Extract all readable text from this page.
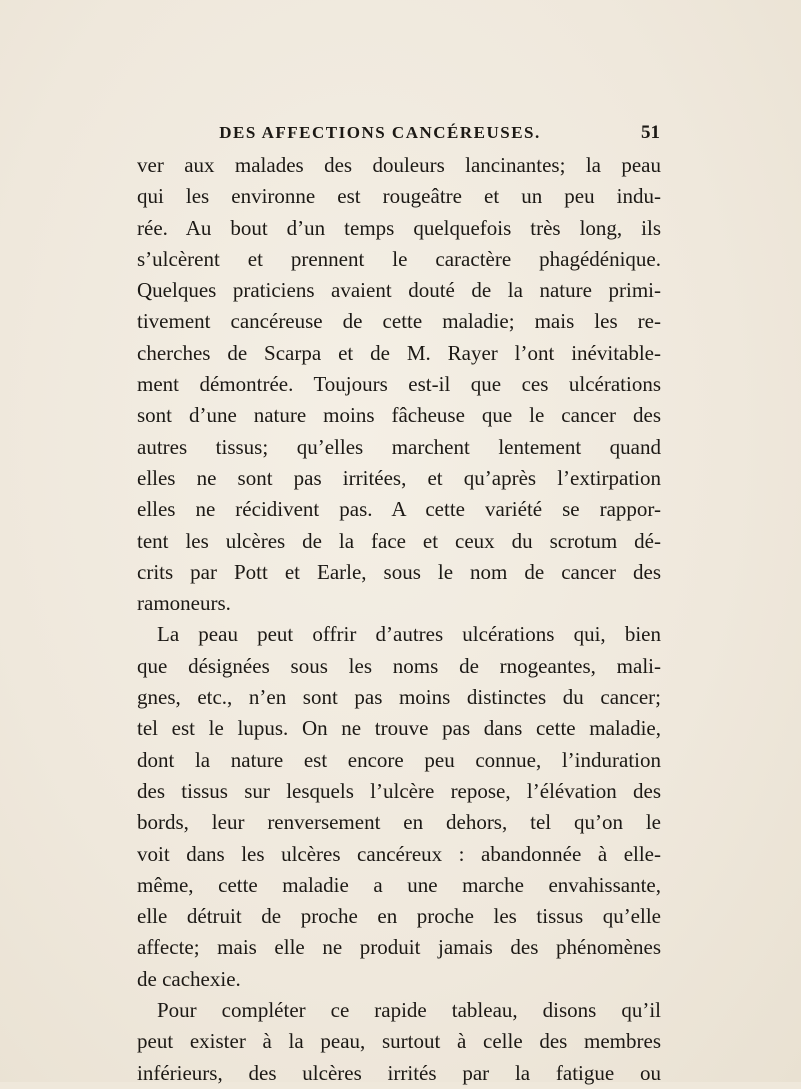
DES AFFECTIONS CANCÉREUSES.	51
ver aux malades des douleurs lancinantes; la peau
qui les environne est rougeâtre et un peu indu-
rée. Au bout d’un temps quelquefois très long, ils
s’ulcèrent et prennent le caractère phagédénique.
Quelques praticiens avaient douté de la nature primi-
tivement cancéreuse de cette maladie; mais les re-
cherches de Scarpa et de M. Rayer l’ont inévitable-
ment démontrée. Toujours est-il que ces ulcérations
sont d’une nature moins fâcheuse que le cancer des
autres tissus; qu’elles marchent lentement quand
elles ne sont pas irritées, et qu’après l’extirpation
elles ne récidivent pas. A cette variété se rappor-
tent les ulcères de la face et ceux du scrotum dé-
crits par Pott et Earle, sous le nom de cancer des
ramoneurs.
La peau peut offrir d’autres ulcérations qui, bien
que désignées sous les noms de rnogeantes, mali-
gnes, etc., n’en sont pas moins distinctes du cancer;
tel est le lupus. On ne trouve pas dans cette maladie,
dont la nature est encore peu connue, l’induration
des tissus sur lesquels l’ulcère repose, l’élévation des
bords, leur renversement en dehors, tel qu’on le
voit dans les ulcères cancéreux : abandonnée à elle-
même, cette maladie a une marche envahissante,
elle détruit de proche en proche les tissus qu’elle
affecte; mais elle ne produit jamais des phénomènes
de cachexie.
Pour compléter ce rapide tableau, disons qu’il
peut exister à la peau, surtout à celle des membres
inférieurs, des ulcères irrités par la fatigue ou
